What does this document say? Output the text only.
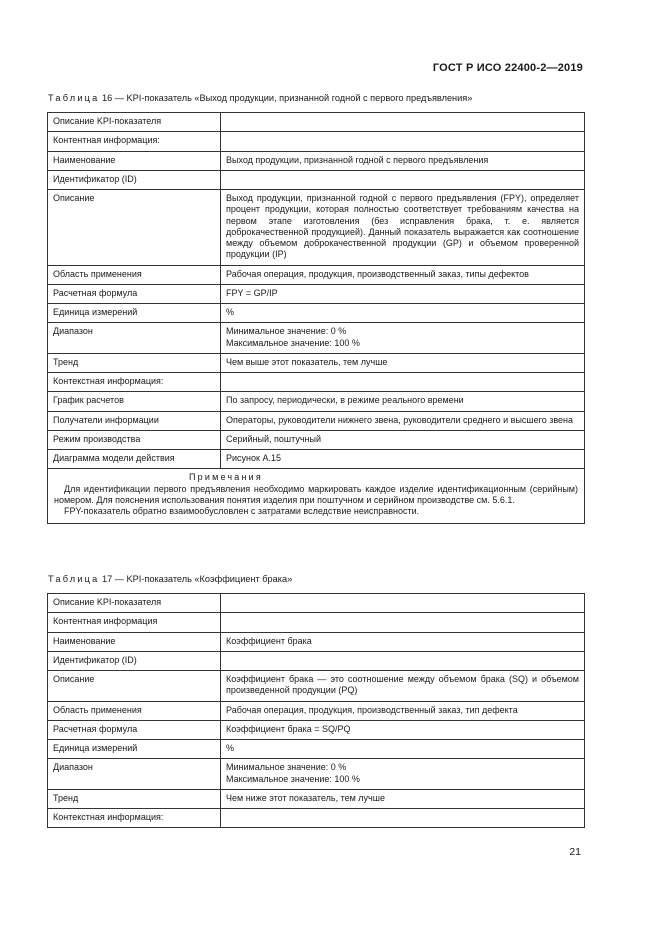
ГОСТ Р ИСО 22400-2—2019
Таблица 16 — KPI-показатель «Выход продукции, признанной годной с первого предъявления»
Описание KPI-показателя	
Контентная информация:	
Наименование	Выход продукции, признанной годной с первого предъявления
Идентификатор (ID)	
Описание	Выход продукции, признанной годной с первого предъявления (FPY), определяет процент продукции, которая полностью соответствует требованиям качества на первом этапе изготовления (без исправления брака, т. е. является доброкачественной продукцией). Данный показатель выражается как соотношение между объемом доброкачественной продукции (GP) и объемом проверенной продукции (IP)
Область применения	Рабочая операция, продукция, производственный заказ, типы дефектов
Расчетная формула	FPY = GP/IP
Единица измерений	%
Диапазон	Минимальное значение: 0 %
Максимальное значение: 100 %

Тренд	Чем выше этот показатель, тем лучше
Контекстная информация:	
График расчетов	По запросу, периодически, в режиме реального времени
Получатели информации	Операторы, руководители нижнего звена, руководители среднего и высшего звена
Режим производства	Серийный, поштучный
Диаграмма модели действия	Рисунок А.15

Примечания

Для идентификации первого предъявления необходимо маркировать каждое изделие идентификационным (серийным) номером. Для пояснения использования понятия изделия при поштучном и серийном производстве см. 5.6.1.

FPY-показатель обратно взаимообусловлен с затратами вследствие неисправности.	

Таблица 17 — KPI-показатель «Коэффициент брака»
Описание KPI-показателя	
Контентная информация	
Наименование	Коэффициент брака
Идентификатор (ID)	
Описание	Коэффициент брака — это соотношение между объемом брака (SQ) и объемом произведенной продукции (PQ)
Область применения	Рабочая операция, продукция, производственный заказ, тип дефекта
Расчетная формула	Коэффициент брака = SQ/PQ
Единица измерений	%
Диапазон	Минимальное значение: 0 %
Максимальное значение: 100 %

Тренд	Чем ниже этот показатель, тем лучше
Контекстная информация:	
21
